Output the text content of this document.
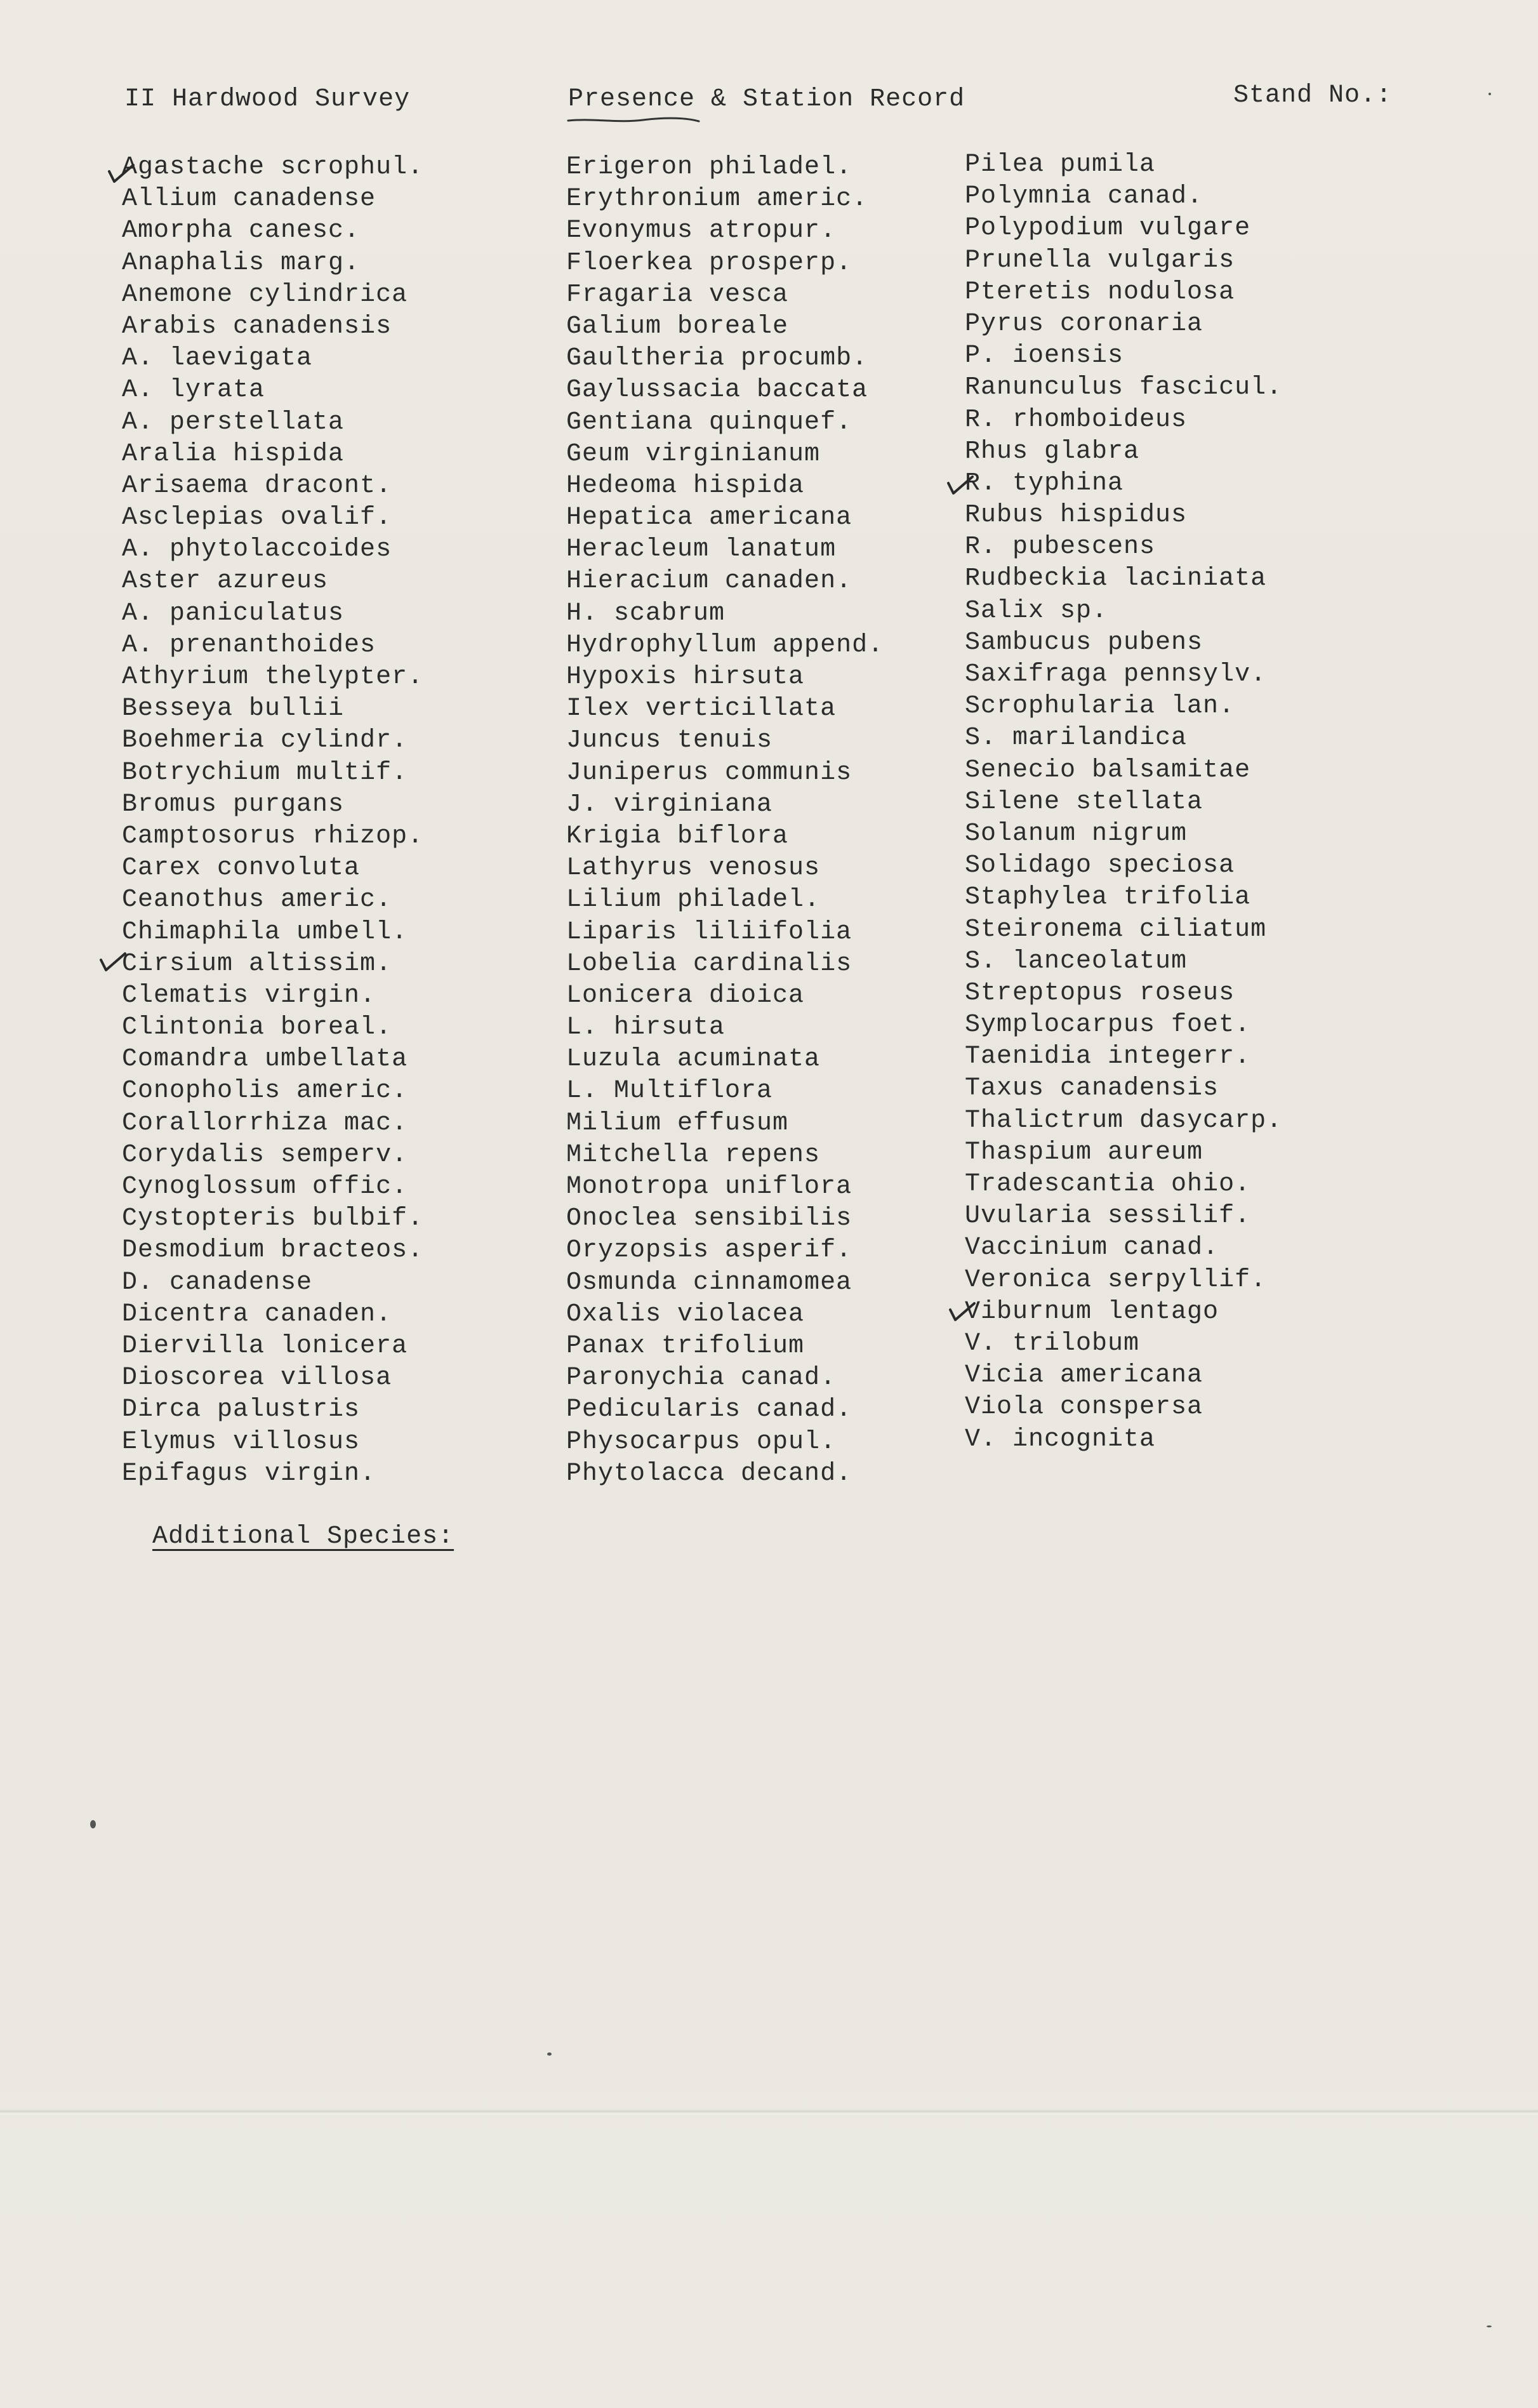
II Hardwood Survey	Presence & Station Record	Stand No.:
Agastache scrophul.
Allium canadense
Amorpha canesc.
Anaphalis marg.
Anemone cylindrica
Arabis canadensis
A. laevigata
A. lyrata
A. perstellata
Aralia hispida
Arisaema dracont.
Asclepias ovalif.
A. phytolaccoides
Aster azureus
A. paniculatus
A. prenanthoides
Athyrium thelypter.
Besseya bullii
Boehmeria cylindr.
Botrychium multif.
Bromus purgans
Camptosorus rhizop.
Carex convoluta
Ceanothus americ.
Chimaphila umbell.
Cirsium altissim.
Clematis virgin.
Clintonia boreal.
Comandra umbellata
Conopholis americ.
Corallorrhiza mac.
Corydalis semperv.
Cynoglossum offic.
Cystopteris bulbif.
Desmodium bracteos.
D. canadense
Dicentra canaden.
Diervilla lonicera
Dioscorea villosa
Dirca palustris
Elymus villosus
Epifagus virgin.
Erigeron philadel.
Erythronium americ.
Evonymus atropur.
Floerkea prosperp.
Fragaria vesca
Galium boreale
Gaultheria procumb.
Gaylussacia baccata
Gentiana quinquef.
Geum virginianum
Hedeoma hispida
Hepatica americana
Heracleum lanatum
Hieracium canaden.
H. scabrum
Hydrophyllum append.
Hypoxis hirsuta
Ilex verticillata
Juncus tenuis
Juniperus communis
J. virginiana
Krigia biflora
Lathyrus venosus
Lilium philadel.
Liparis liliifolia
Lobelia cardinalis
Lonicera dioica
L. hirsuta
Luzula acuminata
L. Multiflora
Milium effusum
Mitchella repens
Monotropa uniflora
Onoclea sensibilis
Oryzopsis asperif.
Osmunda cinnamomea
Oxalis violacea
Panax trifolium
Paronychia canad.
Pedicularis canad.
Physocarpus opul.
Phytolacca decand.
Pilea pumila
Polymnia canad.
Polypodium vulgare
Prunella vulgaris
Pteretis nodulosa
Pyrus coronaria
P. ioensis
Ranunculus fascicul.
R. rhomboideus
Rhus glabra
R. typhina
Rubus hispidus
R. pubescens
Rudbeckia laciniata
Salix sp.
Sambucus pubens
Saxifraga pennsylv.
Scrophularia lan.
S. marilandica
Senecio balsamitae
Silene stellata
Solanum nigrum
Solidago speciosa
Staphylea trifolia
Steironema ciliatum
S. lanceolatum
Streptopus roseus
Symplocarpus foet.
Taenidia integerr.
Taxus canadensis
Thalictrum dasycarp.
Thaspium aureum
Tradescantia ohio.
Uvularia sessilif.
Vaccinium canad.
Veronica serpyllif.
Viburnum lentago
V. trilobum
Vicia americana
Viola conspersa
V. incognita
Additional Species:
